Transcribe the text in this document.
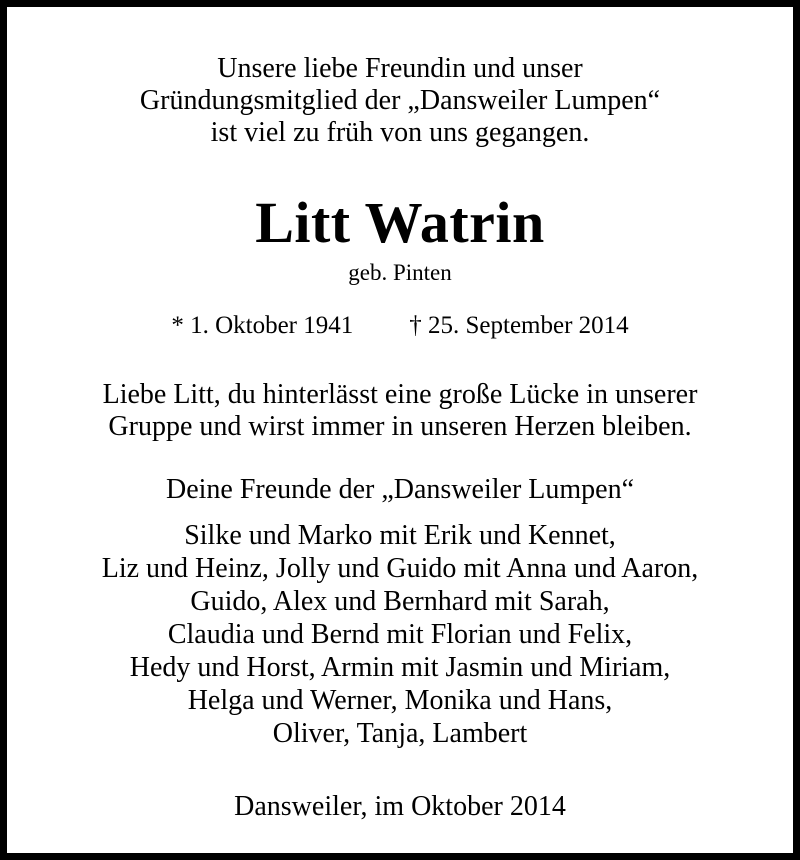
Unsere liebe Freundin und unser
Gründungsmitglied der „Dansweiler Lumpen“
ist viel zu früh von uns gegangen.
Litt Watrin
geb. Pinten
* 1. Oktober 1941 † 25. September 2014
Liebe Litt, du hinterlässt eine große Lücke in unserer
Gruppe und wirst immer in unseren Herzen bleiben.
Deine Freunde der „Dansweiler Lumpen“
Silke und Marko mit Erik und Kennet,
Liz und Heinz, Jolly und Guido mit Anna und Aaron,
Guido, Alex und Bernhard mit Sarah,
Claudia und Bernd mit Florian und Felix,
Hedy und Horst, Armin mit Jasmin und Miriam,
Helga und Werner, Monika und Hans,
Oliver, Tanja, Lambert
Dansweiler, im Oktober 2014
